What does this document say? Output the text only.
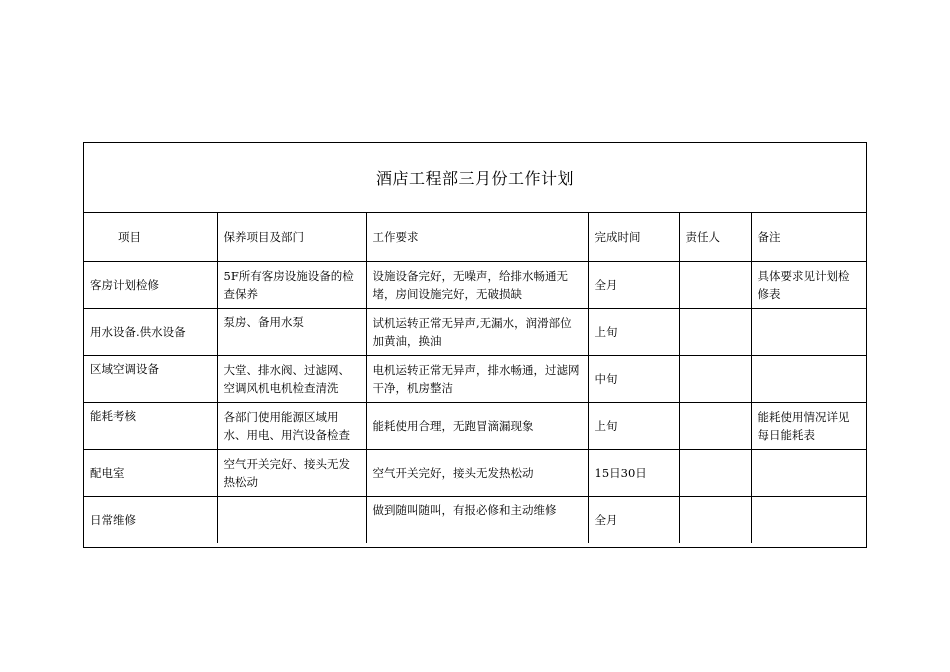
酒店工程部三月份工作计划
项目	保养项目及部门	工作要求	完成时间	责任人	备注
客房计划检修	5F所有客房设施设备的检查保养	设施设备完好，无噪声，给排水畅通无堵，房间设施完好，无破损缺	全月		具体要求见计划检修表
用水设备.供水设备	泵房、备用水泵	试机运转正常无异声,无漏水，润滑部位加黄油，换油	上旬		
区域空调设备	大堂、排水阀、过滤网、空调风机电机检查清洗	电机运转正常无异声，排水畅通，过滤网干净，机房整洁	中旬		
能耗考核	各部门使用能源区域用水、用电、用汽设备检查	能耗使用合理，无跑冒滴漏现象	上旬		能耗使用情况详见每日能耗表
配电室	空气开关完好、接头无发热松动	空气开关完好，接头无发热松动	15日30日		
日常维修		做到随叫随叫，有报必修和主动维修	全月		
